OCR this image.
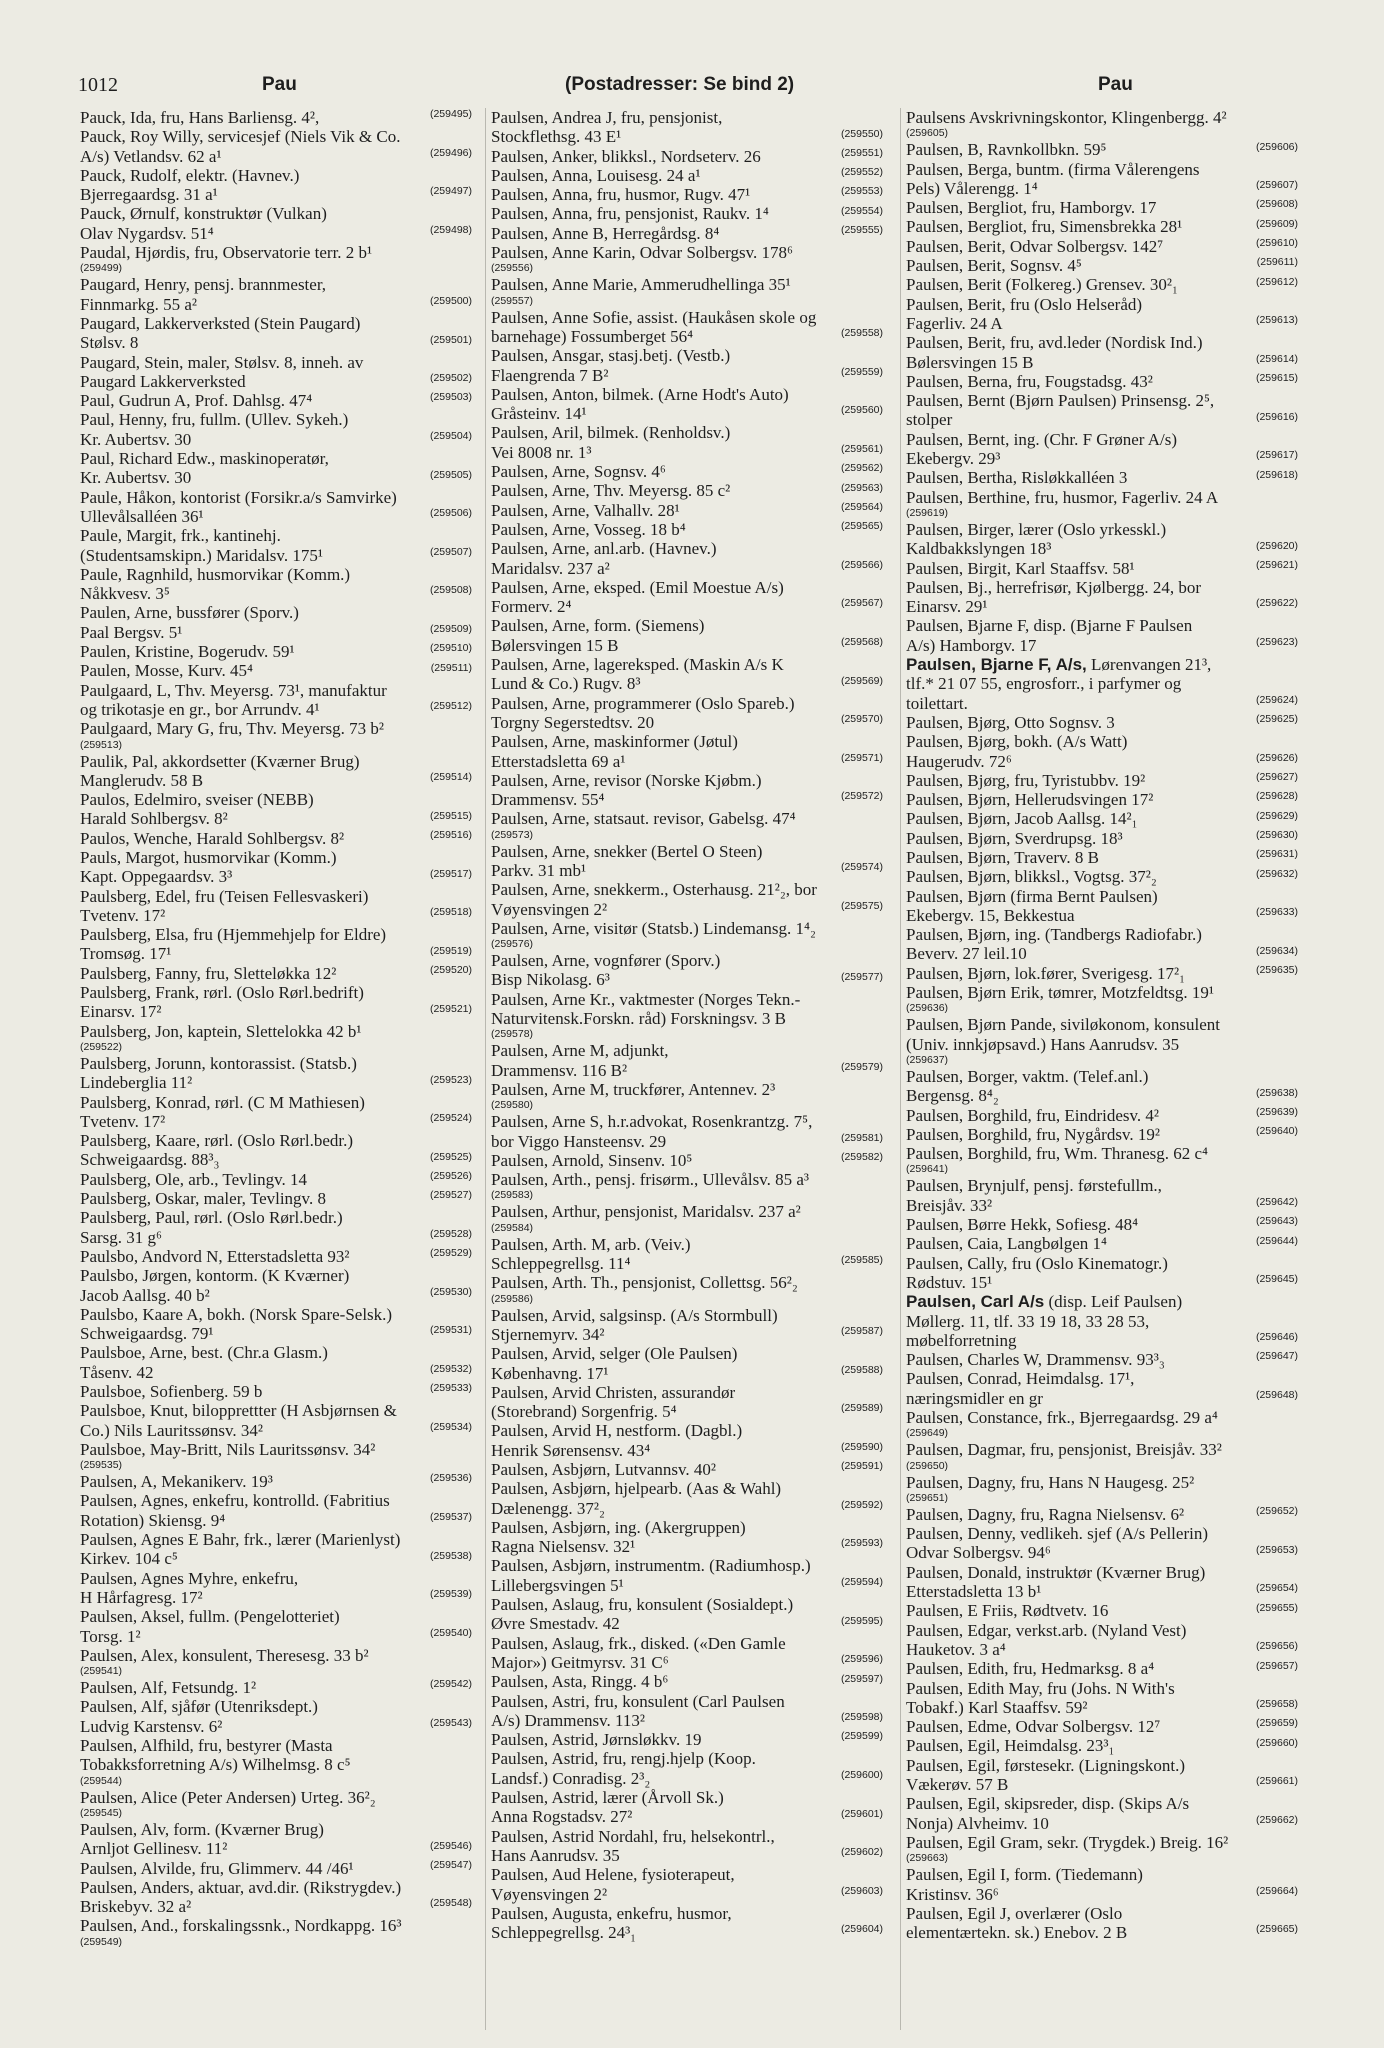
1012	Pau	(Postadresser: Se bind 2)	Pau
Pauck, Ida, fru, Hans Barliensg. 4²,	(259495)
Pauck, Roy Willy, servicesjef (Niels Vik & Co.
A/s) Vetlandsv. 62 a¹	(259496)
Pauck, Rudolf, elektr. (Havnev.)
Bjerregaardsg. 31 a¹	(259497)
Pauck, Ørnulf, konstruktør (Vulkan)
Olav Nygardsv. 51⁴	(259498)
Paudal, Hjørdis, fru, Observatorie terr. 2 b¹
(259499)
Paugard, Henry, pensj. brannmester,
Finnmarkg. 55 a²	(259500)
Paugard, Lakkerverksted (Stein Paugard)
Stølsv. 8	(259501)
Paugard, Stein, maler, Stølsv. 8, inneh. av
Paugard Lakkerverksted	(259502)
Paul, Gudrun A, Prof. Dahlsg. 47⁴	(259503)
Paul, Henny, fru, fullm. (Ullev. Sykeh.)
Kr. Aubertsv. 30	(259504)
Paul, Richard Edw., maskinoperatør,
Kr. Aubertsv. 30	(259505)
Paule, Håkon, kontorist (Forsikr.a/s Samvirke)
Ullevålsalléen 36¹	(259506)
Paule, Margit, frk., kantinehj.
(Studentsamskipn.) Maridalsv. 175¹	(259507)
Paule, Ragnhild, husmorvikar (Komm.)
Nåkkvesv. 3⁵	(259508)
Paulen, Arne, bussfører (Sporv.)
Paal Bergsv. 5¹	(259509)
Paulen, Kristine, Bogerudv. 59¹	(259510)
Paulen, Mosse, Kurv. 45⁴	(259511)
Paulgaard, L, Thv. Meyersg. 73¹, manufaktur
og trikotasje en gr., bor Arrundv. 4¹	(259512)
Paulgaard, Mary G, fru, Thv. Meyersg. 73 b²
(259513)
Paulik, Pal, akkordsetter (Kværner Brug)
Manglerudv. 58 B	(259514)
Paulos, Edelmiro, sveiser (NEBB)
Harald Sohlbergsv. 8²	(259515)
Paulos, Wenche, Harald Sohlbergsv. 8²	(259516)
Pauls, Margot, husmorvikar (Komm.)
Kapt. Oppegaardsv. 3³	(259517)
Paulsberg, Edel, fru (Teisen Fellesvaskeri)
Tvetenv. 17²	(259518)
Paulsberg, Elsa, fru (Hjemmehjelp for Eldre)
Tromsøg. 17¹	(259519)
Paulsberg, Fanny, fru, Sletteløkka 12²	(259520)
Paulsberg, Frank, rørl. (Oslo Rørl.bedrift)
Einarsv. 17²	(259521)
Paulsberg, Jon, kaptein, Slettelokka 42 b¹
(259522)
Paulsberg, Jorunn, kontorassist. (Statsb.)
Lindeberglia 11²	(259523)
Paulsberg, Konrad, rørl. (C M Mathiesen)
Tvetenv. 17²	(259524)
Paulsberg, Kaare, rørl. (Oslo Rørl.bedr.)
Schweigaardsg. 88³₃	(259525)
Paulsberg, Ole, arb., Tevlingv. 14	(259526)
Paulsberg, Oskar, maler, Tevlingv. 8	(259527)
Paulsberg, Paul, rørl. (Oslo Rørl.bedr.)
Sarsg. 31 g⁶	(259528)
Paulsbo, Andvord N, Etterstadsletta 93²	(259529)
Paulsbo, Jørgen, kontorm. (K Kværner)
Jacob Aallsg. 40 b²	(259530)
Paulsbo, Kaare A, bokh. (Norsk Spare-Selsk.)
Schweigaardsg. 79¹	(259531)
Paulsboe, Arne, best. (Chr.a Glasm.)
Tåsenv. 42	(259532)
Paulsboe, Sofienberg. 59 b	(259533)
Paulsboe, Knut, bilopprettter (H Asbjørnsen &
Co.) Nils Lauritssønsv. 34²	(259534)
Paulsboe, May-Britt, Nils Lauritssønsv. 34²
(259535)
Paulsen, A, Mekanikerv. 19³	(259536)
Paulsen, Agnes, enkefru, kontrolld. (Fabritius
Rotation) Skiensg. 9⁴	(259537)
Paulsen, Agnes E Bahr, frk., lærer (Marienlyst)
Kirkev. 104 c⁵	(259538)
Paulsen, Agnes Myhre, enkefru,
H Hårfagresg. 17²	(259539)
Paulsen, Aksel, fullm. (Pengelotteriet)
Torsg. 1²	(259540)
Paulsen, Alex, konsulent, Theresesg. 33 b²
(259541)
Paulsen, Alf, Fetsundg. 1²	(259542)
Paulsen, Alf, sjåfør (Utenriksdept.)
Ludvig Karstensv. 6²	(259543)
Paulsen, Alfhild, fru, bestyrer (Masta
Tobakksforretning A/s) Wilhelmsg. 8 c⁵
(259544)
Paulsen, Alice (Peter Andersen) Urteg. 36²₂
(259545)
Paulsen, Alv, form. (Kværner Brug)
Arnljot Gellinesv. 11²	(259546)
Paulsen, Alvilde, fru, Glimmerv. 44 /46¹	(259547)
Paulsen, Anders, aktuar, avd.dir. (Rikstrygdev.)
Briskebyv. 32 a²	(259548)
Paulsen, And., forskalingssnk., Nordkappg. 16³
(259549)
Paulsen, Andrea J, fru, pensjonist,
Stockflethsg. 43 E¹	(259550)
Paulsen, Anker, blikksl., Nordseterv. 26	(259551)
Paulsen, Anna, Louisesg. 24 a¹	(259552)
Paulsen, Anna, fru, husmor, Rugv. 47¹	(259553)
Paulsen, Anna, fru, pensjonist, Raukv. 1⁴	(259554)
Paulsen, Anne B, Herregårdsg. 8⁴	(259555)
Paulsen, Anne Karin, Odvar Solbergsv. 178⁶
(259556)
Paulsen, Anne Marie, Ammerudhellinga 35¹
(259557)
Paulsen, Anne Sofie, assist. (Haukåsen skole og
barnehage) Fossumberget 56⁴	(259558)
Paulsen, Ansgar, stasj.betj. (Vestb.)
Flaengrenda 7 B²	(259559)
Paulsen, Anton, bilmek. (Arne Hodt's Auto)
Gråsteinv. 14¹	(259560)
Paulsen, Aril, bilmek. (Renholdsv.)
Vei 8008 nr. 1³	(259561)
Paulsen, Arne, Sognsv. 4⁶	(259562)
Paulsen, Arne, Thv. Meyersg. 85 c²	(259563)
Paulsen, Arne, Valhallv. 28¹	(259564)
Paulsen, Arne, Vosseg. 18 b⁴	(259565)
Paulsen, Arne, anl.arb. (Havnev.)
Maridalsv. 237 a²	(259566)
Paulsen, Arne, eksped. (Emil Moestue A/s)
Formerv. 2⁴	(259567)
Paulsen, Arne, form. (Siemens)
Bølersvingen 15 B	(259568)
Paulsen, Arne, lagereksped. (Maskin A/s K
Lund & Co.) Rugv. 8³	(259569)
Paulsen, Arne, programmerer (Oslo Spareb.)
Torgny Segerstedtsv. 20	(259570)
Paulsen, Arne, maskinformer (Jøtul)
Etterstadsletta 69 a¹	(259571)
Paulsen, Arne, revisor (Norske Kjøbm.)
Drammensv. 55⁴	(259572)
Paulsen, Arne, statsaut. revisor, Gabelsg. 47⁴
(259573)
Paulsen, Arne, snekker (Bertel O Steen)
Parkv. 31 mb¹	(259574)
Paulsen, Arne, snekkerm., Osterhausg. 21²₂, bor
Vøyensvingen 2²	(259575)
Paulsen, Arne, visitør (Statsb.) Lindemansg. 1⁴₂
(259576)
Paulsen, Arne, vognfører (Sporv.)
Bisp Nikolasg. 6³	(259577)
Paulsen, Arne Kr., vaktmester (Norges Tekn.-
Naturvitensk.Forskn. råd) Forskningsv. 3 B
(259578)
Paulsen, Arne M, adjunkt,
Drammensv. 116 B²	(259579)
Paulsen, Arne M, truckfører, Antennev. 2³
(259580)
Paulsen, Arne S, h.r.advokat, Rosenkrantzg. 7⁵,
bor Viggo Hansteensv. 29	(259581)
Paulsen, Arnold, Sinsenv. 10⁵	(259582)
Paulsen, Arth., pensj. frisørm., Ullevålsv. 85 a³
(259583)
Paulsen, Arthur, pensjonist, Maridalsv. 237 a²
(259584)
Paulsen, Arth. M, arb. (Veiv.)
Schleppegrellsg. 11⁴	(259585)
Paulsen, Arth. Th., pensjonist, Collettsg. 56²₂
(259586)
Paulsen, Arvid, salgsinsp. (A/s Stormbull)
Stjernemyrv. 34²	(259587)
Paulsen, Arvid, selger (Ole Paulsen)
Københavng. 17¹	(259588)
Paulsen, Arvid Christen, assurandør
(Storebrand) Sorgenfrig. 5⁴	(259589)
Paulsen, Arvid H, nestform. (Dagbl.)
Henrik Sørensensv. 43⁴	(259590)
Paulsen, Asbjørn, Lutvannsv. 40²	(259591)
Paulsen, Asbjørn, hjelpearb. (Aas & Wahl)
Dælenengg. 37²₂	(259592)
Paulsen, Asbjørn, ing. (Akergruppen)
Ragna Nielsensv. 32¹	(259593)
Paulsen, Asbjørn, instrumentm. (Radiumhosp.)
Lillebergsvingen 5¹	(259594)
Paulsen, Aslaug, fru, konsulent (Sosialdept.)
Øvre Smestadv. 42	(259595)
Paulsen, Aslaug, frk., disked. («Den Gamle
Major») Geitmyrsv. 31 C⁶	(259596)
Paulsen, Asta, Ringg. 4 b⁶	(259597)
Paulsen, Astri, fru, konsulent (Carl Paulsen
A/s) Drammensv. 113²	(259598)
Paulsen, Astrid, Jørnsløkkv. 19	(259599)
Paulsen, Astrid, fru, rengj.hjelp (Koop.
Landsf.) Conradisg. 2³₂	(259600)
Paulsen, Astrid, lærer (Årvoll Sk.)
Anna Rogstadsv. 27²	(259601)
Paulsen, Astrid Nordahl, fru, helsekontrl.,
Hans Aanrudsv. 35	(259602)
Paulsen, Aud Helene, fysioterapeut,
Vøyensvingen 2²	(259603)
Paulsen, Augusta, enkefru, husmor,
Schleppegrellsg. 24³₁	(259604)
Paulsens Avskrivningskontor, Klingenbergg. 4²
(259605)
Paulsen, B, Ravnkollbkn. 59⁵	(259606)
Paulsen, Berga, buntm. (firma Vålerengens
Pels) Vålerengg. 1⁴	(259607)
Paulsen, Bergliot, fru, Hamborgv. 17	(259608)
Paulsen, Bergliot, fru, Simensbrekka 28¹	(259609)
Paulsen, Berit, Odvar Solbergsv. 142⁷	(259610)
Paulsen, Berit, Sognsv. 4⁵	(259611)
Paulsen, Berit (Folkereg.) Grensev. 30²₁	(259612)
Paulsen, Berit, fru (Oslo Helseråd)
Fagerliv. 24 A	(259613)
Paulsen, Berit, fru, avd.leder (Nordisk Ind.)
Bølersvingen 15 B	(259614)
Paulsen, Berna, fru, Fougstadsg. 43²	(259615)
Paulsen, Bernt (Bjørn Paulsen) Prinsensg. 2⁵,
stolper	(259616)
Paulsen, Bernt, ing. (Chr. F Grøner A/s)
Ekebergv. 29³	(259617)
Paulsen, Bertha, Risløkkalléen 3	(259618)
Paulsen, Berthine, fru, husmor, Fagerliv. 24 A
(259619)
Paulsen, Birger, lærer (Oslo yrkesskl.)
Kaldbakkslyngen 18³	(259620)
Paulsen, Birgit, Karl Staaffsv. 58¹	(259621)
Paulsen, Bj., herrefrisør, Kjølbergg. 24, bor
Einarsv. 29¹	(259622)
Paulsen, Bjarne F, disp. (Bjarne F Paulsen
A/s) Hamborgv. 17	(259623)
Paulsen, Bjarne F, A/s, Lørenvangen 21³,
tlf.* 21 07 55, engrosforr., i parfymer og
toilettart.	(259624)
Paulsen, Bjørg, Otto Sognsv. 3	(259625)
Paulsen, Bjørg, bokh. (A/s Watt)
Haugerudv. 72⁶	(259626)
Paulsen, Bjørg, fru, Tyristubbv. 19²	(259627)
Paulsen, Bjørn, Hellerudsvingen 17²	(259628)
Paulsen, Bjørn, Jacob Aallsg. 14²₁	(259629)
Paulsen, Bjørn, Sverdrupsg. 18³	(259630)
Paulsen, Bjørn, Traverv. 8 B	(259631)
Paulsen, Bjørn, blikksl., Vogtsg. 37²₂	(259632)
Paulsen, Bjørn (firma Bernt Paulsen)
Ekebergv. 15, Bekkestua	(259633)
Paulsen, Bjørn, ing. (Tandbergs Radiofabr.)
Beverv. 27 leil.10	(259634)
Paulsen, Bjørn, lok.fører, Sverigesg. 17²₁	(259635)
Paulsen, Bjørn Erik, tømrer, Motzfeldtsg. 19¹
(259636)
Paulsen, Bjørn Pande, siviløkonom, konsulent
(Univ. innkjøpsavd.) Hans Aanrudsv. 35
(259637)
Paulsen, Borger, vaktm. (Telef.anl.)
Bergensg. 8⁴₂	(259638)
Paulsen, Borghild, fru, Eindridesv. 4²	(259639)
Paulsen, Borghild, fru, Nygårdsv. 19²	(259640)
Paulsen, Borghild, fru, Wm. Thranesg. 62 c⁴
(259641)
Paulsen, Brynjulf, pensj. førstefullm.,
Breisjåv. 33²	(259642)
Paulsen, Børre Hekk, Sofiesg. 48⁴	(259643)
Paulsen, Caia, Langbølgen 1⁴	(259644)
Paulsen, Cally, fru (Oslo Kinematogr.)
Rødstuv. 15¹	(259645)
Paulsen, Carl A/s (disp. Leif Paulsen)
Møllerg. 11, tlf. 33 19 18, 33 28 53,
møbelforretning	(259646)
Paulsen, Charles W, Drammensv. 93³₃	(259647)
Paulsen, Conrad, Heimdalsg. 17¹,
næringsmidler en gr	(259648)
Paulsen, Constance, frk., Bjerregaardsg. 29 a⁴
(259649)
Paulsen, Dagmar, fru, pensjonist, Breisjåv. 33²
(259650)
Paulsen, Dagny, fru, Hans N Haugesg. 25²
(259651)
Paulsen, Dagny, fru, Ragna Nielsensv. 6²	(259652)
Paulsen, Denny, vedlikeh. sjef (A/s Pellerin)
Odvar Solbergsv. 94⁶	(259653)
Paulsen, Donald, instruktør (Kværner Brug)
Etterstadsletta 13 b¹	(259654)
Paulsen, E Friis, Rødtvetv. 16	(259655)
Paulsen, Edgar, verkst.arb. (Nyland Vest)
Hauketov. 3 a⁴	(259656)
Paulsen, Edith, fru, Hedmarksg. 8 a⁴	(259657)
Paulsen, Edith May, fru (Johs. N With's
Tobakf.) Karl Staaffsv. 59²	(259658)
Paulsen, Edme, Odvar Solbergsv. 12⁷	(259659)
Paulsen, Egil, Heimdalsg. 23³₁	(259660)
Paulsen, Egil, førstesekr. (Ligningskont.)
Vækerøv. 57 B	(259661)
Paulsen, Egil, skipsreder, disp. (Skips A/s
Nonja) Alvheimv. 10	(259662)
Paulsen, Egil Gram, sekr. (Trygdek.) Breig. 16²
(259663)
Paulsen, Egil I, form. (Tiedemann)
Kristinsv. 36⁶	(259664)
Paulsen, Egil J, overlærer (Oslo
elementærtekn. sk.) Enebov. 2 B	(259665)
